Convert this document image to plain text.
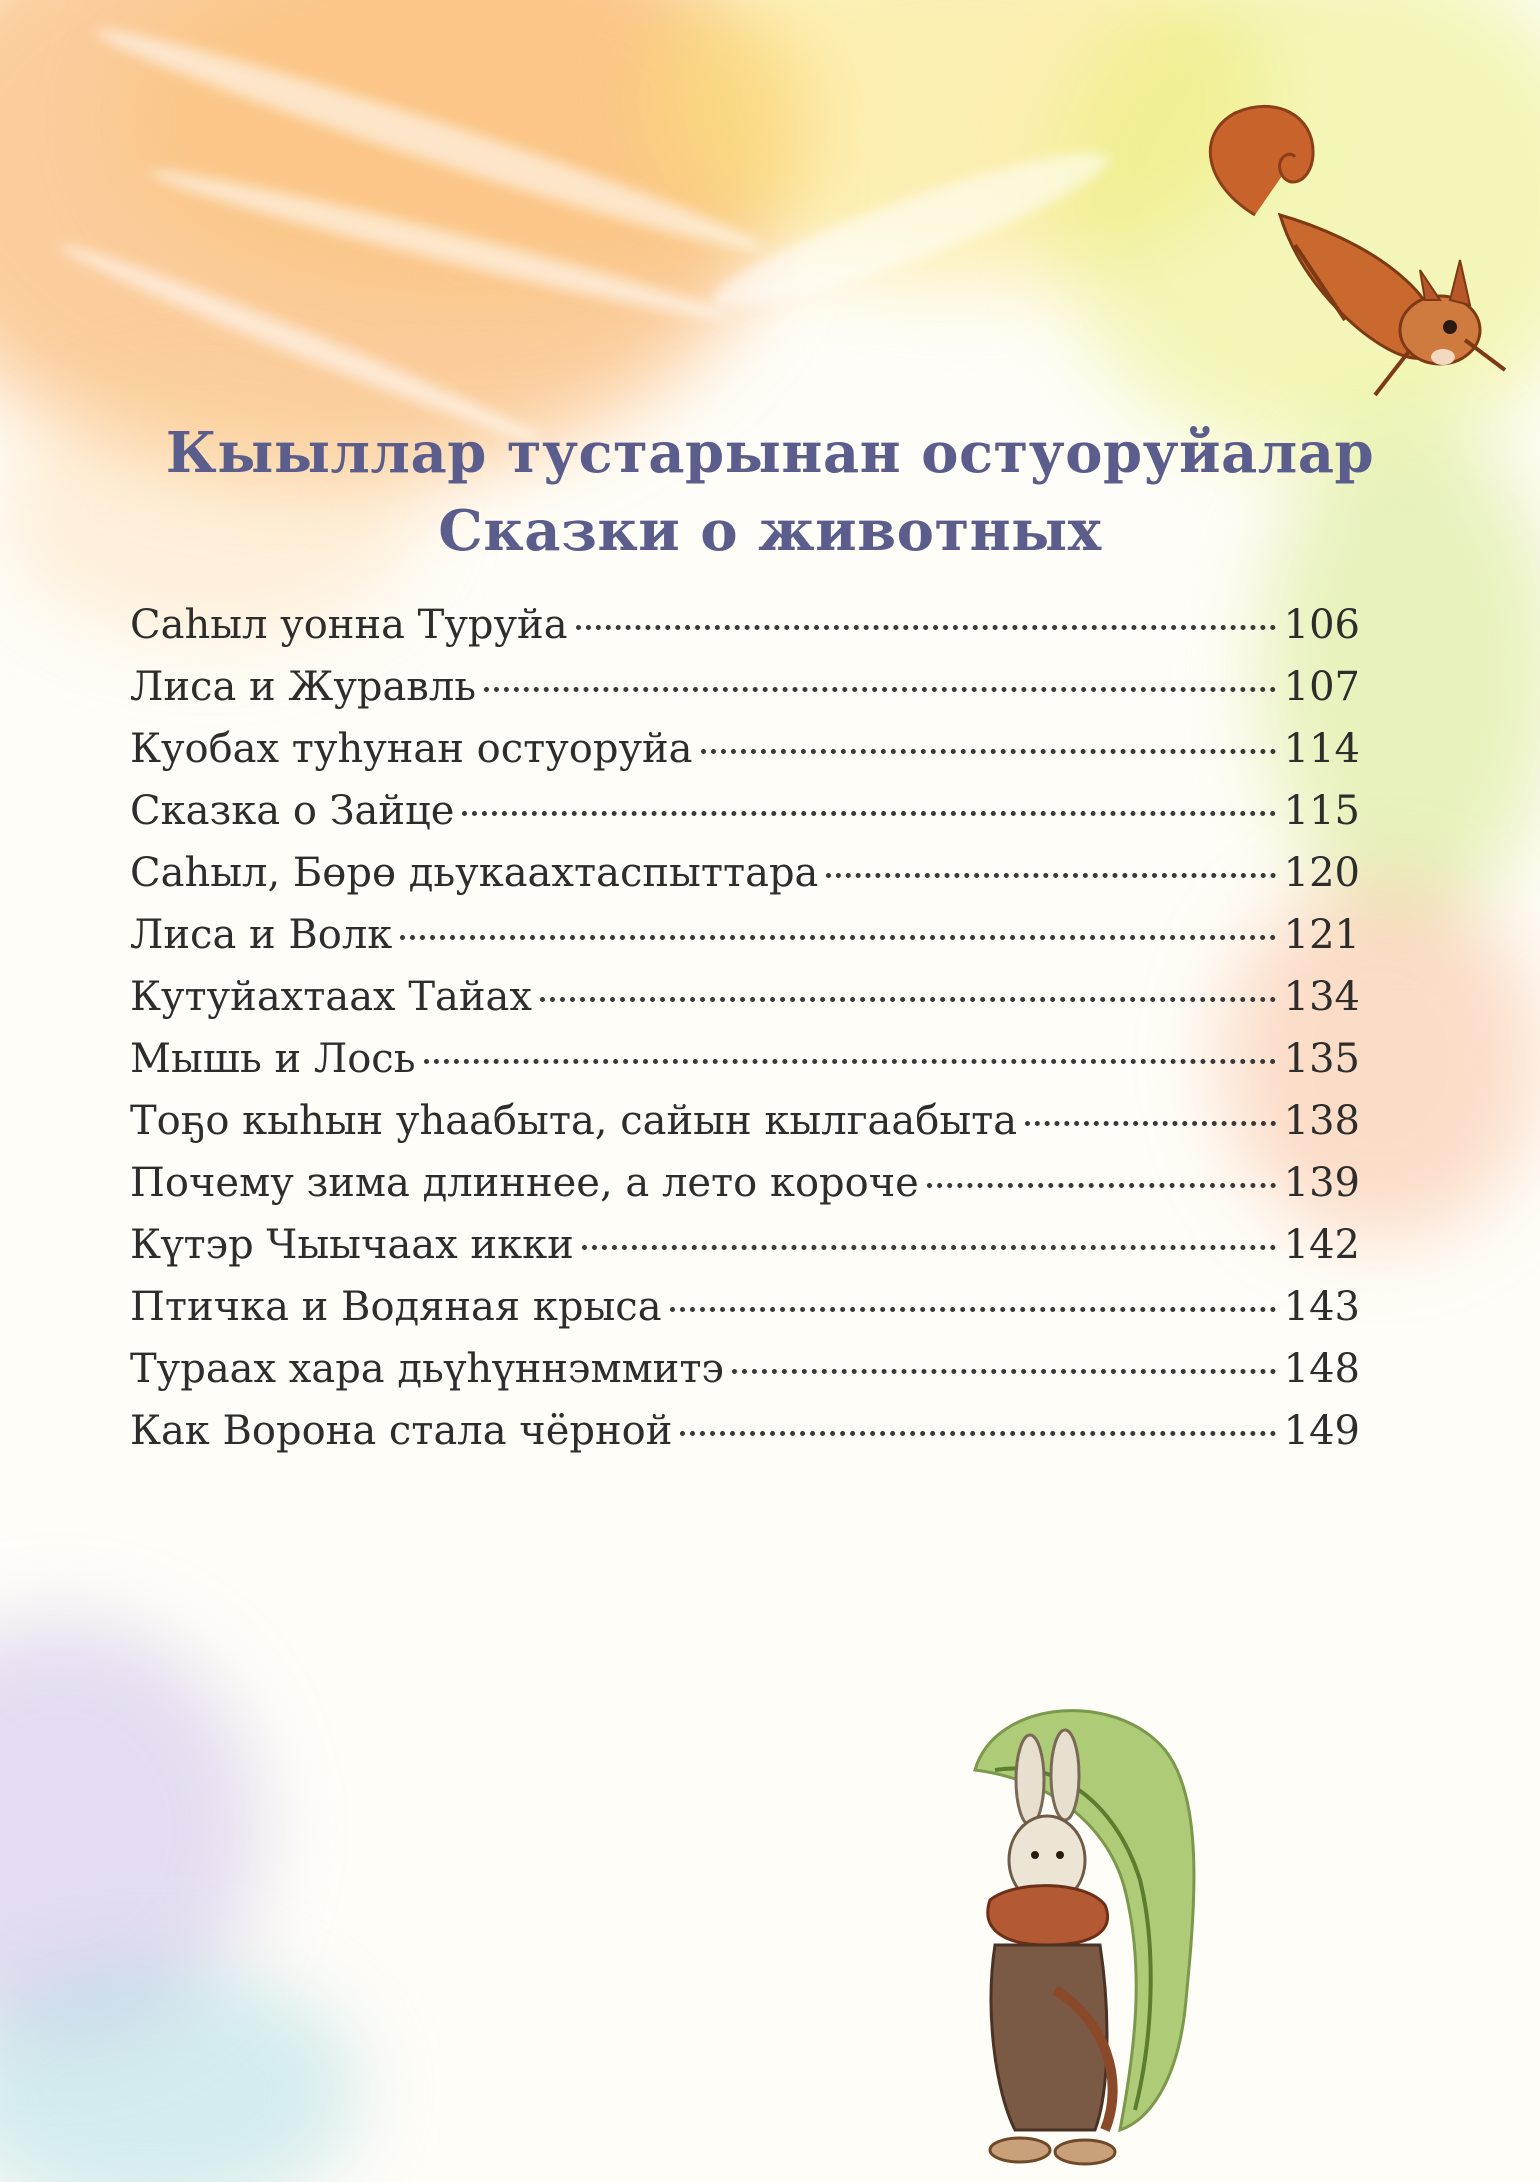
Кыыллар тустарынан остуоруйалар
Сказки о животных
Саһыл уонна Туруйа	106
Лиса и Журавль	107
Куобах туһунан остуоруйа	114
Сказка о Зайце	115
Саһыл, Бөрө дьукаахтаспыттара	120
Лиса и Волк	121
Кутуйахтаах Тайах	134
Мышь и Лось	135
Тоҕо кыһын уһаабыта, сайын кылгаабыта	138
Почему зима длиннее, а лето короче	139
Күтэр Чыычаах икки	142
Птичка и Водяная крыса	143
Тураах хара дьүһүннэммитэ	148
Как Ворона стала чёрной	149
